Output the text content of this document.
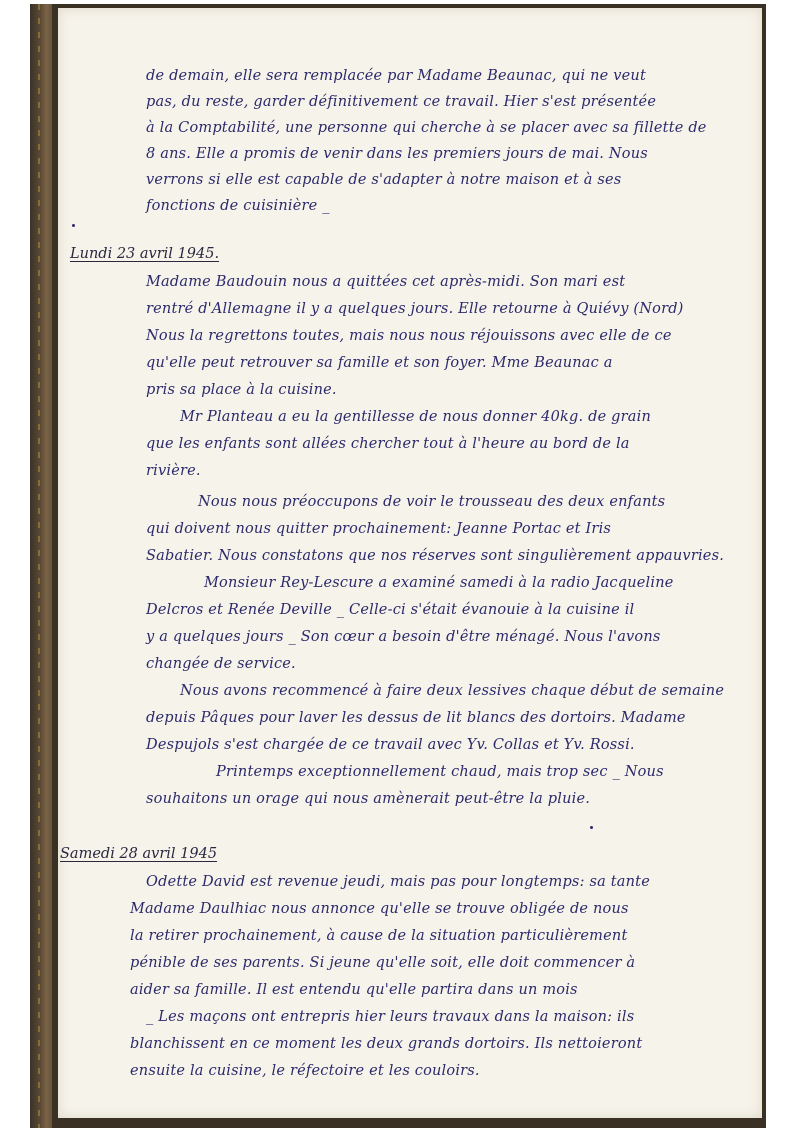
de demain, elle sera remplacée par Madame Beaunac, qui ne veut
pas, du reste, garder définitivement ce travail. Hier s'est présentée
à la Comptabilité, une personne qui cherche à se placer avec sa fillette de
8 ans. Elle a promis de venir dans les premiers jours de mai. Nous
verrons si elle est capable de s'adapter à notre maison et à ses
fonctions de cuisinière _
Lundi 23 avril 1945.
Madame Baudouin nous a quittées cet après-midi. Son mari est
rentré d'Allemagne il y a quelques jours. Elle retourne à Quiévy (Nord)
Nous la regrettons toutes, mais nous nous réjouissons avec elle de ce
qu'elle peut retrouver sa famille et son foyer. Mme Beaunac a
pris sa place à la cuisine.
Mr Planteau a eu la gentillesse de nous donner 40kg. de grain
que les enfants sont allées chercher tout à l'heure au bord de la
rivière.
Nous nous préoccupons de voir le trousseau des deux enfants
qui doivent nous quitter prochainement: Jeanne Portac et Iris
Sabatier. Nous constatons que nos réserves sont singulièrement appauvries.
Monsieur Rey-Lescure a examiné samedi à la radio Jacqueline
Delcros et Renée Deville _ Celle-ci s'était évanouie à la cuisine il
y a quelques jours _ Son cœur a besoin d'être ménagé. Nous l'avons
changée de service.
Nous avons recommencé à faire deux lessives chaque début de semaine
depuis Pâques pour laver les dessus de lit blancs des dortoirs. Madame
Despujols s'est chargée de ce travail avec Yv. Collas et Yv. Rossi.
Printemps exceptionnellement chaud, mais trop sec _ Nous
souhaitons un orage qui nous amènerait peut-être la pluie.
Samedi 28 avril 1945
Odette David est revenue jeudi, mais pas pour longtemps: sa tante
Madame Daulhiac nous annonce qu'elle se trouve obligée de nous
la retirer prochainement, à cause de la situation particulièrement
pénible de ses parents. Si jeune qu'elle soit, elle doit commencer à
aider sa famille. Il est entendu qu'elle partira dans un mois
_ Les maçons ont entrepris hier leurs travaux dans la maison: ils
blanchissent en ce moment les deux grands dortoirs. Ils nettoieront
ensuite la cuisine, le réfectoire et les couloirs.
